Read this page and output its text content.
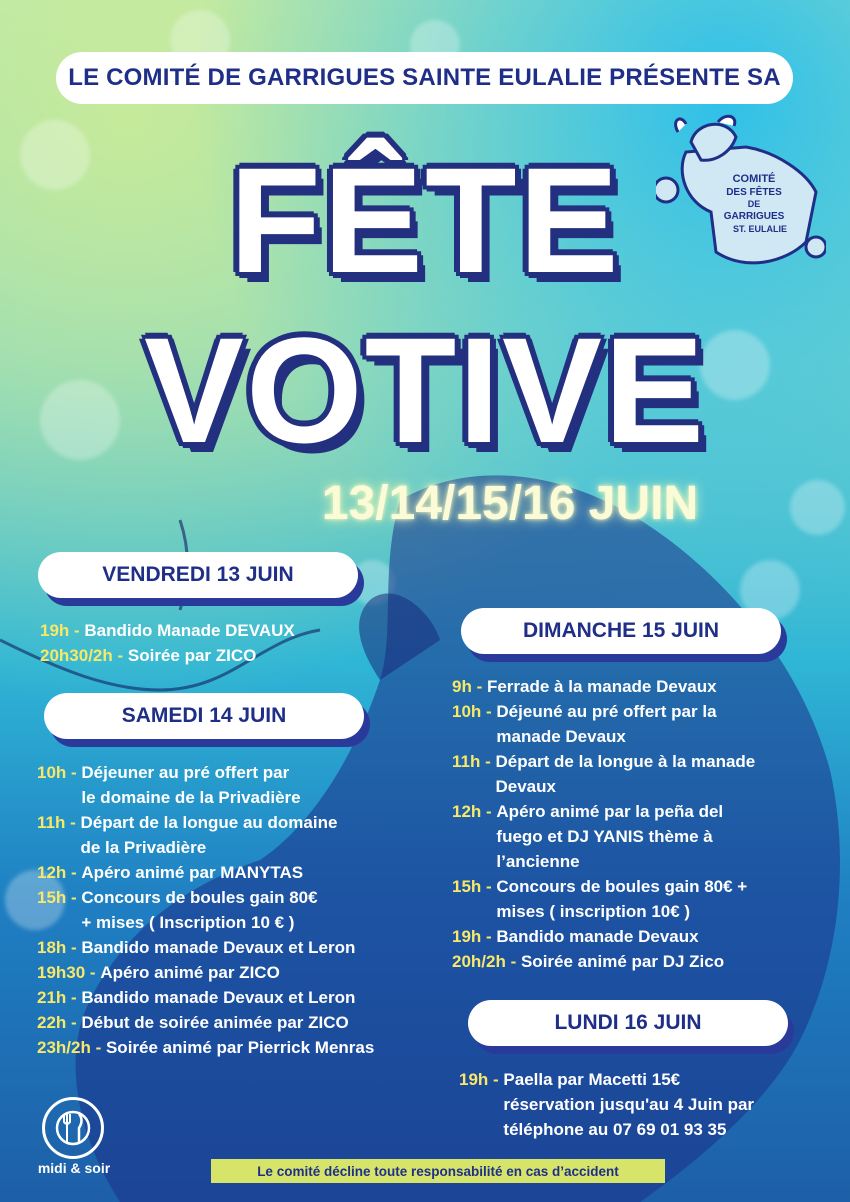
LE COMITÉ DE GARRIGUES SAINTE EULALIE PRÉSENTE SA
COMITÉ
DES FÊTES
DE
GARRIGUES
ST. EULALIE
FÊTE
VOTIVE
13/14/15/16 JUIN
VENDREDI 13 JUIN
19h - Bandido Manade DEVAUX
20h30/2h - Soirée par ZICO
SAMEDI 14 JUIN
10h - Déjeuner au pré offert par
le domaine de la Privadière
11h - Départ de la longue au domaine
de la Privadière
12h - Apéro animé par MANYTAS
15h - Concours de boules gain 80€
+ mises ( Inscription 10 € )
18h - Bandido manade Devaux et Leron
19h30 - Apéro animé par ZICO
21h - Bandido manade Devaux et Leron
22h - Début de soirée animée par ZICO
23h/2h - Soirée animé par Pierrick Menras
DIMANCHE 15 JUIN
9h - Ferrade à la manade Devaux
10h - Déjeuné au pré offert par la
manade Devaux
11h - Départ de la longue à la manade
Devaux
12h - Apéro animé par la peña del
fuego et DJ YANIS thème à
l’ancienne
15h - Concours de boules gain 80€ +
mises ( inscription 10€ )
19h - Bandido manade Devaux
20h/2h - Soirée animé par DJ Zico
LUNDI 16 JUIN
19h - Paella par Macetti 15€
réservation jusqu'au 4 Juin par
téléphone au 07 69 01 93 35
midi & soir	Le comité décline toute responsabilité en cas d’accident
